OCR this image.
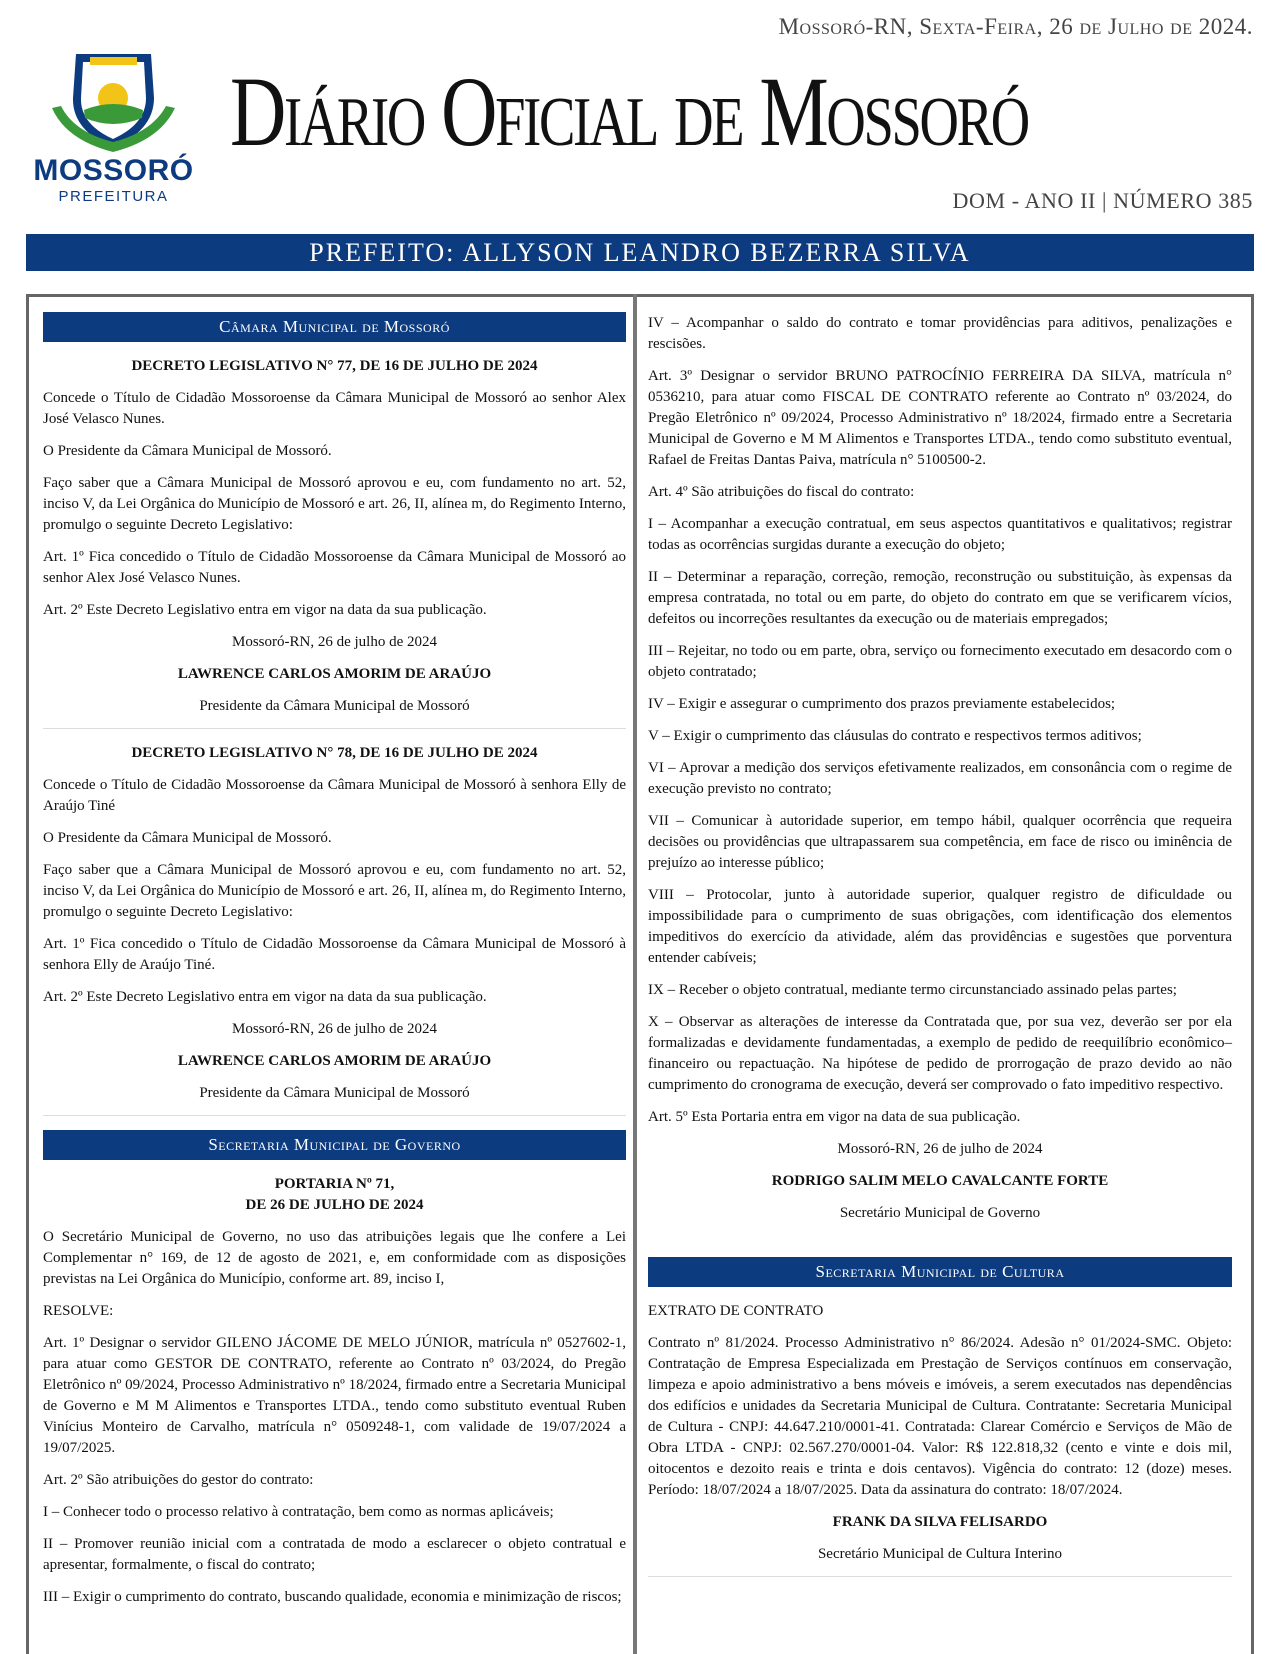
Mossoró-RN, Sexta-Feira, 26 de Julho de 2024.
MOSSORÓ
PREFEITURA
Diário Oficial de Mossoró
DOM - ANO II | NÚMERO 385
PREFEITO: ALLYSON LEANDRO BEZERRA SILVA
Câmara Municipal de Mossoró

DECRETO LEGISLATIVO N° 77, DE 16 DE JULHO DE 2024

Concede o Título de Cidadão Mossoroense da Câmara Municipal de Mossoró ao senhor Alex José Velasco Nunes.

O Presidente da Câmara Municipal de Mossoró.

Faço saber que a Câmara Municipal de Mossoró aprovou e eu, com fundamento no art. 52, inciso V, da Lei Orgânica do Município de Mossoró e art. 26, II, alínea m, do Regimento Interno, promulgo o seguinte Decreto Legislativo:

Art. 1º Fica concedido o Título de Cidadão Mossoroense da Câmara Municipal de Mossoró ao senhor Alex José Velasco Nunes.

Art. 2º Este Decreto Legislativo entra em vigor na data da sua publicação.

Mossoró-RN, 26 de julho de 2024

LAWRENCE CARLOS AMORIM DE ARAÚJO

Presidente da Câmara Municipal de Mossoró

DECRETO LEGISLATIVO N° 78, DE 16 DE JULHO DE 2024

Concede o Título de Cidadão Mossoroense da Câmara Municipal de Mossoró à senhora Elly de Araújo Tiné

O Presidente da Câmara Municipal de Mossoró.

Faço saber que a Câmara Municipal de Mossoró aprovou e eu, com fundamento no art. 52, inciso V, da Lei Orgânica do Município de Mossoró e art. 26, II, alínea m, do Regimento Interno, promulgo o seguinte Decreto Legislativo:

Art. 1º Fica concedido o Título de Cidadão Mossoroense da Câmara Municipal de Mossoró à senhora Elly de Araújo Tiné.

Art. 2º Este Decreto Legislativo entra em vigor na data da sua publicação.

Mossoró-RN, 26 de julho de 2024

LAWRENCE CARLOS AMORIM DE ARAÚJO

Presidente da Câmara Municipal de Mossoró

Secretaria Municipal de Governo

PORTARIA Nº 71,

DE 26 DE JULHO DE 2024

O Secretário Municipal de Governo, no uso das atribuições legais que lhe confere a Lei Complementar n° 169, de 12 de agosto de 2021, e, em conformidade com as disposições previstas na Lei Orgânica do Município, conforme art. 89, inciso I,

RESOLVE:

Art. 1º Designar o servidor GILENO JÁCOME DE MELO JÚNIOR, matrícula nº 0527602-1, para atuar como GESTOR DE CONTRATO, referente ao Contrato nº 03/2024, do Pregão Eletrônico nº 09/2024, Processo Administrativo nº 18/2024, firmado entre a Secretaria Municipal de Governo e M M Alimentos e Transportes LTDA., tendo como substituto eventual Ruben Vinícius Monteiro de Carvalho, matrícula n° 0509248-1, com validade de 19/07/2024 a 19/07/2025.

Art. 2º São atribuições do gestor do contrato:

I – Conhecer todo o processo relativo à contratação, bem como as normas aplicáveis;

II – Promover reunião inicial com a contratada de modo a esclarecer o objeto contratual e apresentar, formalmente, o fiscal do contrato;

III – Exigir o cumprimento do contrato, buscando qualidade, economia e minimização de riscos;

IV – Acompanhar o saldo do contrato e tomar providências para aditivos, penalizações e rescisões.

Art. 3º Designar o servidor BRUNO PATROCÍNIO FERREIRA DA SILVA, matrícula n° 0536210, para atuar como FISCAL DE CONTRATO referente ao Contrato nº 03/2024, do Pregão Eletrônico nº 09/2024, Processo Administrativo nº 18/2024, firmado entre a Secretaria Municipal de Governo e M M Alimentos e Transportes LTDA., tendo como substituto eventual, Rafael de Freitas Dantas Paiva, matrícula n° 5100500-2.

Art. 4º São atribuições do fiscal do contrato:

I – Acompanhar a execução contratual, em seus aspectos quantitativos e qualitativos; registrar todas as ocorrências surgidas durante a execução do objeto;

II – Determinar a reparação, correção, remoção, reconstrução ou substituição, às expensas da empresa contratada, no total ou em parte, do objeto do contrato em que se verificarem vícios, defeitos ou incorreções resultantes da execução ou de materiais empregados;

III – Rejeitar, no todo ou em parte, obra, serviço ou fornecimento executado em desacordo com o objeto contratado;

IV – Exigir e assegurar o cumprimento dos prazos previamente estabelecidos;

V – Exigir o cumprimento das cláusulas do contrato e respectivos termos aditivos;

VI – Aprovar a medição dos serviços efetivamente realizados, em consonância com o regime de execução previsto no contrato;

VII – Comunicar à autoridade superior, em tempo hábil, qualquer ocorrência que requeira decisões ou providências que ultrapassarem sua competência, em face de risco ou iminência de prejuízo ao interesse público;

VIII – Protocolar, junto à autoridade superior, qualquer registro de dificuldade ou impossibilidade para o cumprimento de suas obrigações, com identificação dos elementos impeditivos do exercício da atividade, além das providências e sugestões que porventura entender cabíveis;

IX – Receber o objeto contratual, mediante termo circunstanciado assinado pelas partes;

X – Observar as alterações de interesse da Contratada que, por sua vez, deverão ser por ela formalizadas e devidamente fundamentadas, a exemplo de pedido de reequilíbrio econômico–financeiro ou repactuação. Na hipótese de pedido de prorrogação de prazo devido ao não cumprimento do cronograma de execução, deverá ser comprovado o fato impeditivo respectivo.

Art. 5º Esta Portaria entra em vigor na data de sua publicação.

Mossoró-RN, 26 de julho de 2024

RODRIGO SALIM MELO CAVALCANTE FORTE

Secretário Municipal de Governo

Secretaria Municipal de Cultura

EXTRATO DE CONTRATO

Contrato nº 81/2024. Processo Administrativo n° 86/2024. Adesão n° 01/2024-SMC. Objeto: Contratação de Empresa Especializada em Prestação de Serviços contínuos em conservação, limpeza e apoio administrativo a bens móveis e imóveis, a serem executados nas dependências dos edifícios e unidades da Secretaria Municipal de Cultura. Contratante: Secretaria Municipal de Cultura - CNPJ: 44.647.210/0001-41. Contratada: Clarear Comércio e Serviços de Mão de Obra LTDA - CNPJ: 02.567.270/0001-04. Valor: R$ 122.818,32 (cento e vinte e dois mil, oitocentos e dezoito reais e trinta e dois centavos). Vigência do contrato: 12 (doze) meses. Período: 18/07/2024 a 18/07/2025. Data da assinatura do contrato: 18/07/2024.

FRANK DA SILVA FELISARDO

Secretário Municipal de Cultura Interino
